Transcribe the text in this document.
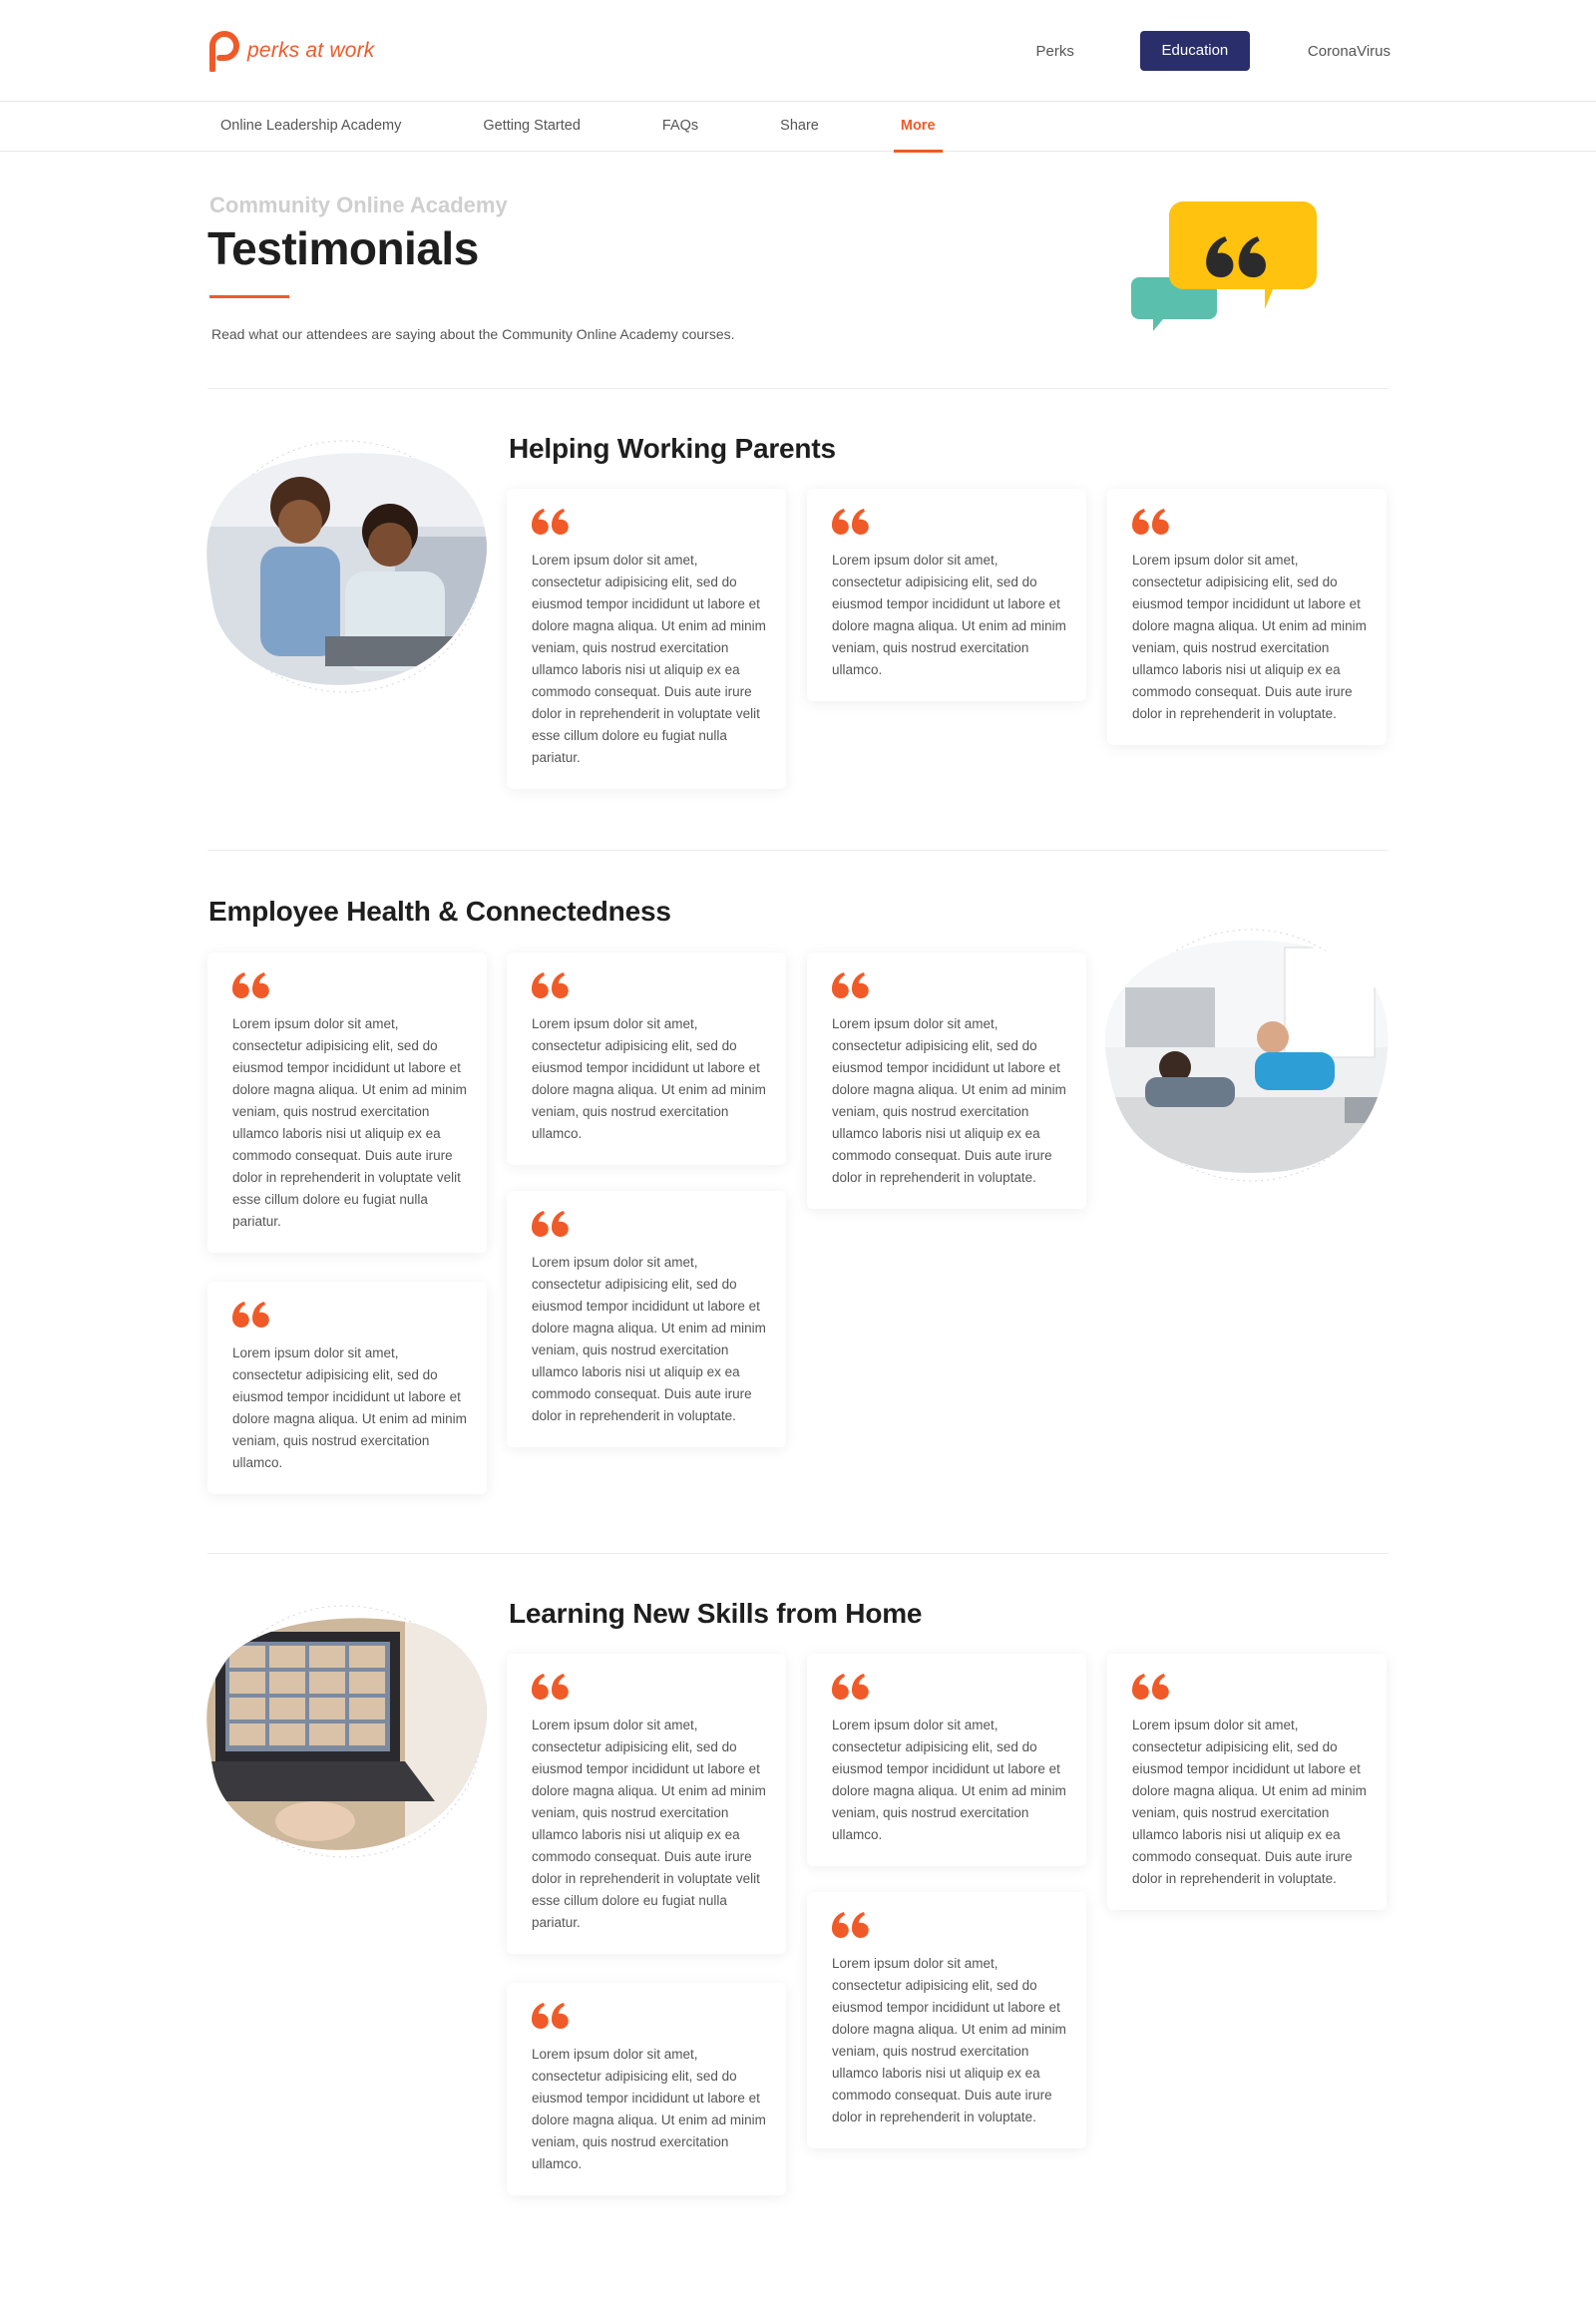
perks at work	Perks	Education	CoronaVirus
Online Leadership Academy	Getting Started	FAQs	Share	More
Community Online Academy
Testimonials

Read what our attendees are saying about the Community Online Academy courses.

Helping Working Parents

Lorem ipsum dolor sit amet, consectetur adipisicing elit, sed do eiusmod tempor incididunt ut labore et dolore magna aliqua. Ut enim ad minim veniam, quis nostrud exercitation ullamco laboris nisi ut aliquip ex ea commodo consequat. Duis aute irure dolor in reprehenderit in voluptate velit esse cillum dolore eu fugiat nulla pariatur.

Lorem ipsum dolor sit amet, consectetur adipisicing elit, sed do eiusmod tempor incididunt ut labore et dolore magna aliqua. Ut enim ad minim veniam, quis nostrud exercitation ullamco.

Lorem ipsum dolor sit amet, consectetur adipisicing elit, sed do eiusmod tempor incididunt ut labore et dolore magna aliqua. Ut enim ad minim veniam, quis nostrud exercitation ullamco laboris nisi ut aliquip ex ea commodo consequat. Duis aute irure dolor in reprehenderit in voluptate.

Employee Health & Connectedness

Lorem ipsum dolor sit amet, consectetur adipisicing elit, sed do eiusmod tempor incididunt ut labore et dolore magna aliqua. Ut enim ad minim veniam, quis nostrud exercitation ullamco laboris nisi ut aliquip ex ea commodo consequat. Duis aute irure dolor in reprehenderit in voluptate velit esse cillum dolore eu fugiat nulla pariatur.

Lorem ipsum dolor sit amet, consectetur adipisicing elit, sed do eiusmod tempor incididunt ut labore et dolore magna aliqua. Ut enim ad minim veniam, quis nostrud exercitation ullamco.

Lorem ipsum dolor sit amet, consectetur adipisicing elit, sed do eiusmod tempor incididunt ut labore et dolore magna aliqua. Ut enim ad minim veniam, quis nostrud exercitation ullamco.

Lorem ipsum dolor sit amet, consectetur adipisicing elit, sed do eiusmod tempor incididunt ut labore et dolore magna aliqua. Ut enim ad minim veniam, quis nostrud exercitation ullamco laboris nisi ut aliquip ex ea commodo consequat. Duis aute irure dolor in reprehenderit in voluptate.

Lorem ipsum dolor sit amet, consectetur adipisicing elit, sed do eiusmod tempor incididunt ut labore et dolore magna aliqua. Ut enim ad minim veniam, quis nostrud exercitation ullamco laboris nisi ut aliquip ex ea commodo consequat. Duis aute irure dolor in reprehenderit in voluptate.

Learning New Skills from Home

Lorem ipsum dolor sit amet, consectetur adipisicing elit, sed do eiusmod tempor incididunt ut labore et dolore magna aliqua. Ut enim ad minim veniam, quis nostrud exercitation ullamco laboris nisi ut aliquip ex ea commodo consequat. Duis aute irure dolor in reprehenderit in voluptate velit esse cillum dolore eu fugiat nulla pariatur.

Lorem ipsum dolor sit amet, consectetur adipisicing elit, sed do eiusmod tempor incididunt ut labore et dolore magna aliqua. Ut enim ad minim veniam, quis nostrud exercitation ullamco.

Lorem ipsum dolor sit amet, consectetur adipisicing elit, sed do eiusmod tempor incididunt ut labore et dolore magna aliqua. Ut enim ad minim veniam, quis nostrud exercitation ullamco.

Lorem ipsum dolor sit amet, consectetur adipisicing elit, sed do eiusmod tempor incididunt ut labore et dolore magna aliqua. Ut enim ad minim veniam, quis nostrud exercitation ullamco laboris nisi ut aliquip ex ea commodo consequat. Duis aute irure dolor in reprehenderit in voluptate.

Lorem ipsum dolor sit amet, consectetur adipisicing elit, sed do eiusmod tempor incididunt ut labore et dolore magna aliqua. Ut enim ad minim veniam, quis nostrud exercitation ullamco laboris nisi ut aliquip ex ea commodo consequat. Duis aute irure dolor in reprehenderit in voluptate.
